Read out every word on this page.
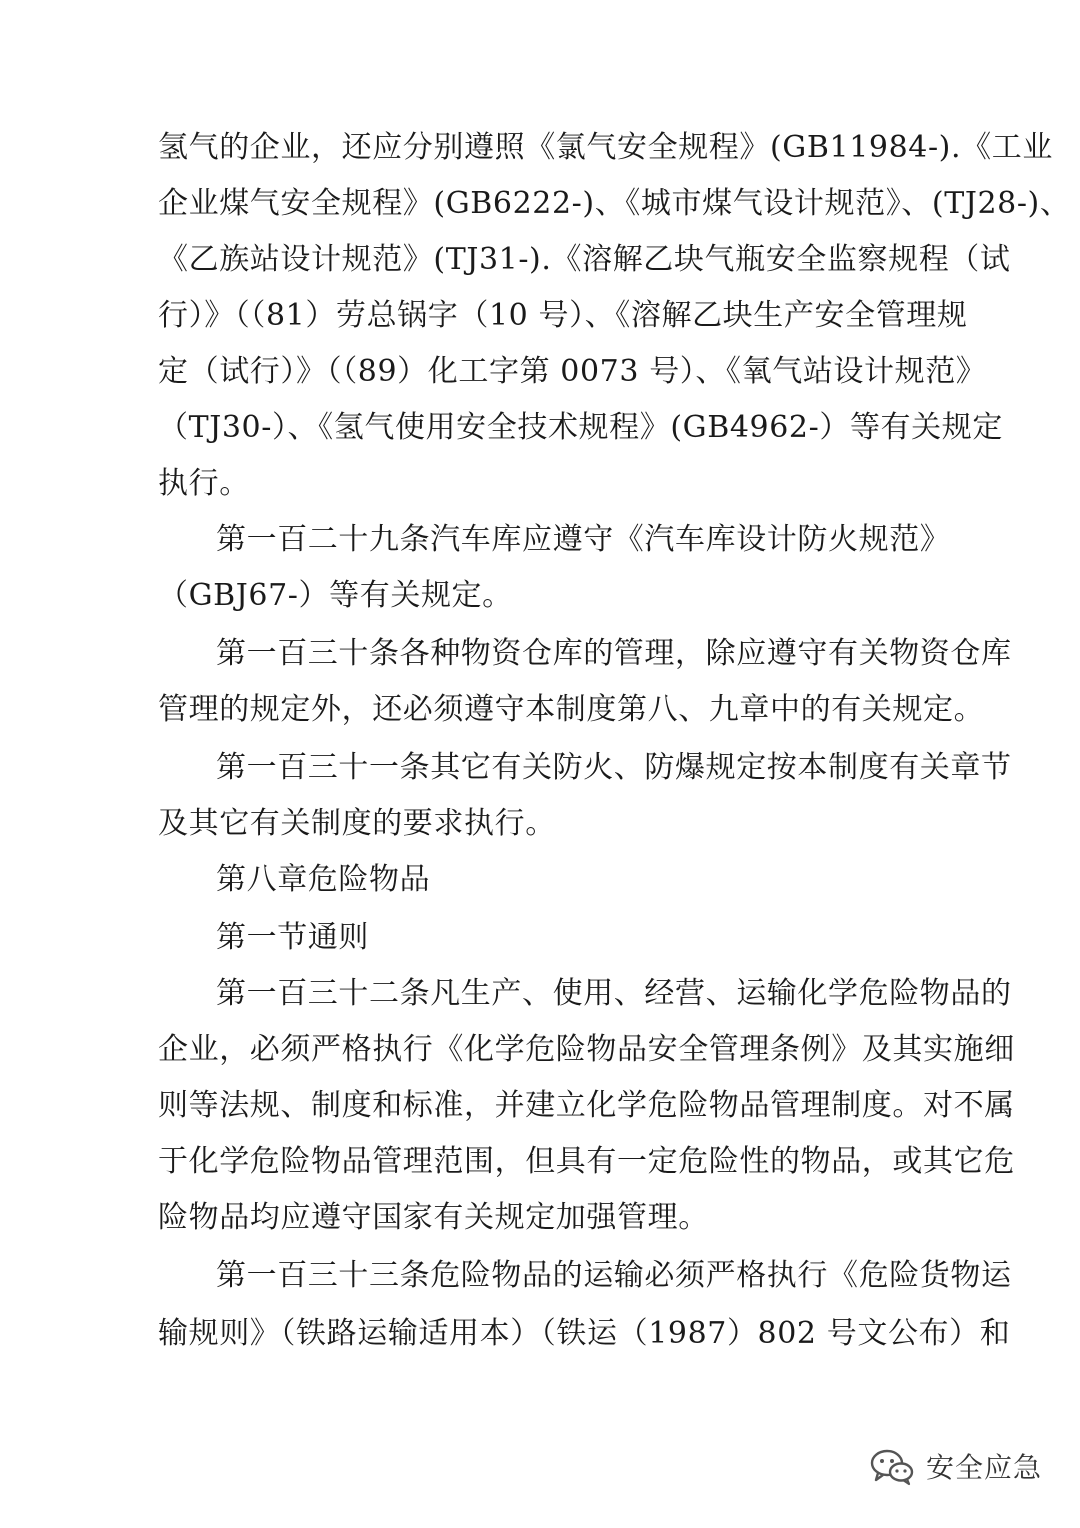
氢气的企业，还应分别遵照《氯气安全规程》(GB11984-).《工业
企业煤气安全规程》(GB6222-)、《城市煤气设计规范》、(TJ28-)、
《乙族站设计规范》(TJ31-).《溶解乙块气瓶安全监察规程（试
行）》（（81）劳总锅字（10 号）、《溶解乙块生产安全管理规
定（试行）》（（89）化工字第 0073 号）、《氧气站设计规范》
（TJ30-）、《氢气使用安全技术规程》(GB4962-）等有关规定
执行。
第一百二十九条汽车库应遵守《汽车库设计防火规范》
（GBJ67-）等有关规定。
第一百三十条各种物资仓库的管理，除应遵守有关物资仓库
管理的规定外，还必须遵守本制度第八、九章中的有关规定。
第一百三十一条其它有关防火、防爆规定按本制度有关章节
及其它有关制度的要求执行。
第八章危险物品
第一节通则
第一百三十二条凡生产、使用、经营、运输化学危险物品的
企业，必须严格执行《化学危险物品安全管理条例》及其实施细
则等法规、制度和标准，并建立化学危险物品管理制度。对不属
于化学危险物品管理范围，但具有一定危险性的物品，或其它危
险物品均应遵守国家有关规定加强管理。
第一百三十三条危险物品的运输必须严格执行《危险货物运
输规则》（铁路运输适用本）（铁运（1987）802 号文公布）和
安全应急
